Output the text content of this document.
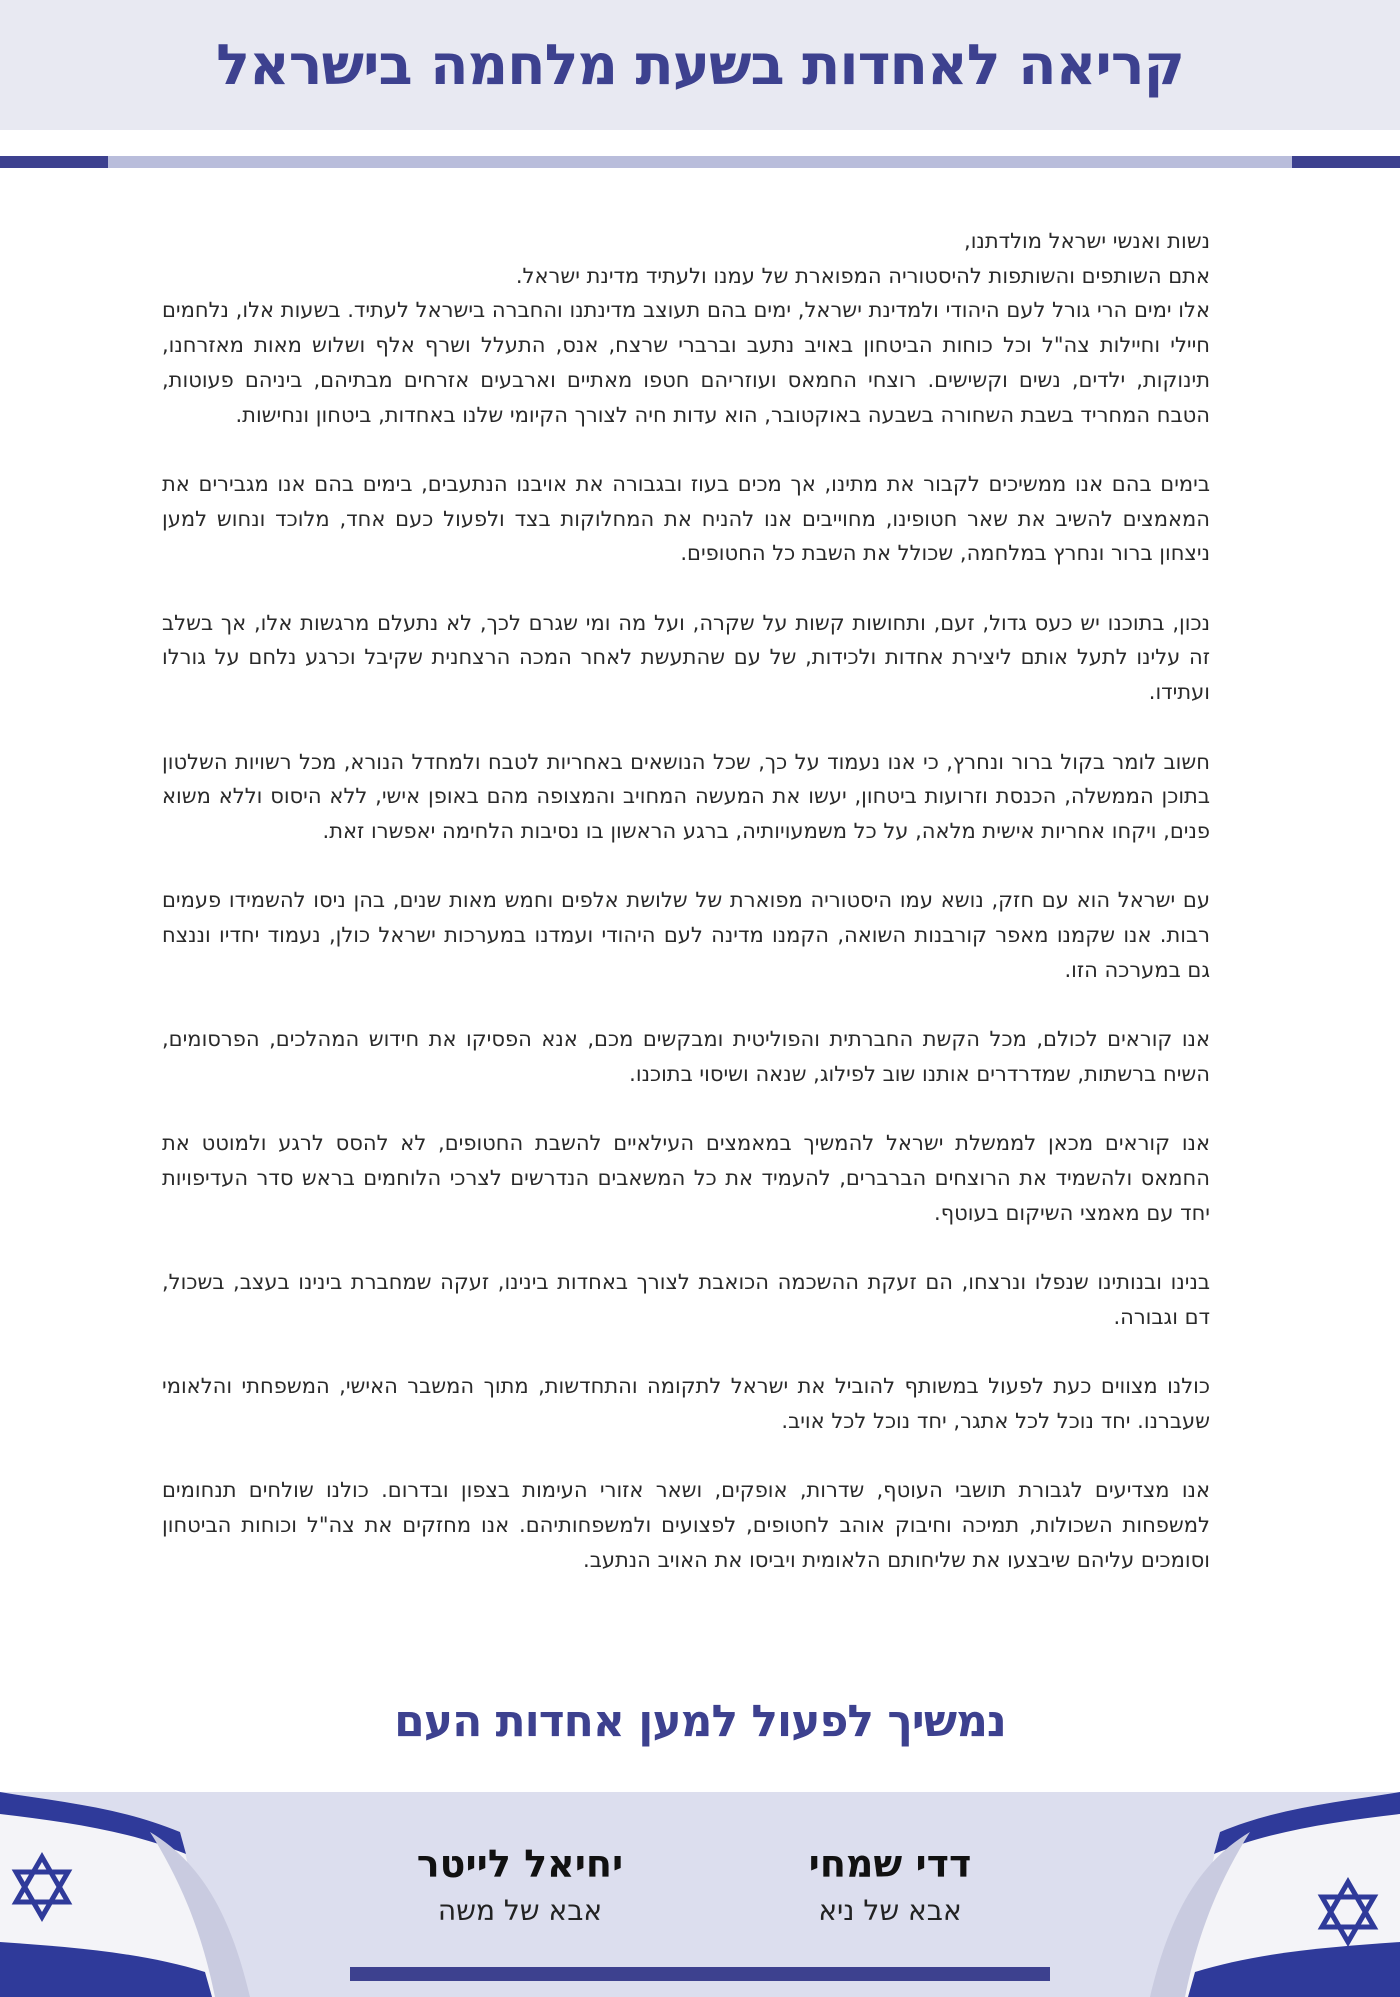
קריאה לאחדות בשעת מלחמה בישראל

נשות ואנשי ישראל מולדתנו,
אתם השותפים והשותפות להיסטוריה המפוארת של עמנו ולעתיד מדינת ישראל.

אלו ימים הרי גורל לעם היהודי ולמדינת ישראל, ימים בהם תעוצב מדינתנו והחברה בישראל לעתיד. בשעות אלו, נלחמים חיילי וחיילות צה"ל וכל כוחות הביטחון באויב נתעב וברברי שרצח, אנס, התעלל ושרף אלף ושלוש מאות מאזרחנו, תינוקות, ילדים, נשים וקשישים. רוצחי החמאס ועוזריהם חטפו מאתיים וארבעים אזרחים מבתיהם, ביניהם פעוטות, הטבח המחריד בשבת השחורה בשבעה באוקטובר, הוא עדות חיה לצורך הקיומי שלנו באחדות, ביטחון ונחישות.

בימים בהם אנו ממשיכים לקבור את מתינו, אך מכים בעוז ובגבורה את אויבנו הנתעבים, בימים בהם אנו מגבירים את המאמצים להשיב את שאר חטופינו, מחוייבים אנו להניח את המחלוקות בצד ולפעול כעם אחד, מלוכד ונחוש למען ניצחון ברור ונחרץ במלחמה, שכולל את השבת כל החטופים.

נכון, בתוכנו יש כעס גדול, זעם, ותחושות קשות על שקרה, ועל מה ומי שגרם לכך, לא נתעלם מרגשות אלו, אך בשלב זה עלינו לתעל אותם ליצירת אחדות ולכידות, של עם שהתעשת לאחר המכה הרצחנית שקיבל וכרגע נלחם על גורלו ועתידו.

חשוב לומר בקול ברור ונחרץ, כי אנו נעמוד על כך, שכל הנושאים באחריות לטבח ולמחדל הנורא, מכל רשויות השלטון בתוכן הממשלה, הכנסת וזרועות ביטחון, יעשו את המעשה המחויב והמצופה מהם באופן אישי, ללא היסוס וללא משוא פנים, ויקחו אחריות אישית מלאה, על כל משמעויותיה, ברגע הראשון בו נסיבות הלחימה יאפשרו זאת.

עם ישראל הוא עם חזק, נושא עמו היסטוריה מפוארת של שלושת אלפים וחמש מאות שנים, בהן ניסו להשמידו פעמים רבות. אנו שקמנו מאפר קורבנות השואה, הקמנו מדינה לעם היהודי ועמדנו במערכות ישראל כולן, נעמוד יחדיו וננצח גם במערכה הזו.

אנו קוראים לכולם, מכל הקשת החברתית והפוליטית ומבקשים מכם, אנא הפסיקו את חידוש המהלכים, הפרסומים, השיח ברשתות, שמדרדרים אותנו שוב לפילוג, שנאה ושיסוי בתוכנו.

אנו קוראים מכאן לממשלת ישראל להמשיך במאמצים העילאיים להשבת החטופים, לא להסס לרגע ולמוטט את החמאס ולהשמיד את הרוצחים הברברים, להעמיד את כל המשאבים הנדרשים לצרכי הלוחמים בראש סדר העדיפויות יחד עם מאמצי השיקום בעוטף.

בנינו ובנותינו שנפלו ונרצחו, הם זעקת ההשכמה הכואבת לצורך באחדות בינינו, זעקה שמחברת בינינו בעצב, בשכול, דם וגבורה.

כולנו מצווים כעת לפעול במשותף להוביל את ישראל לתקומה והתחדשות, מתוך המשבר האישי, המשפחתי והלאומי שעברנו. יחד נוכל לכל אתגר, יחד נוכל לכל אויב.

אנו מצדיעים לגבורת תושבי העוטף, שדרות, אופקים, ושאר אזורי העימות בצפון ובדרום. כולנו שולחים תנחומים למשפחות השכולות, תמיכה וחיבוק אוהב לחטופים, לפצועים ולמשפחותיהם. אנו מחזקים את צה"ל וכוחות הביטחון וסומכים עליהם שיבצעו את שליחותם הלאומית ויביסו את האויב הנתעב.

נמשיך לפעול למען אחדות העם
דדי שמחי
אבא של ניא
יחיאל לייטר
אבא של משה
